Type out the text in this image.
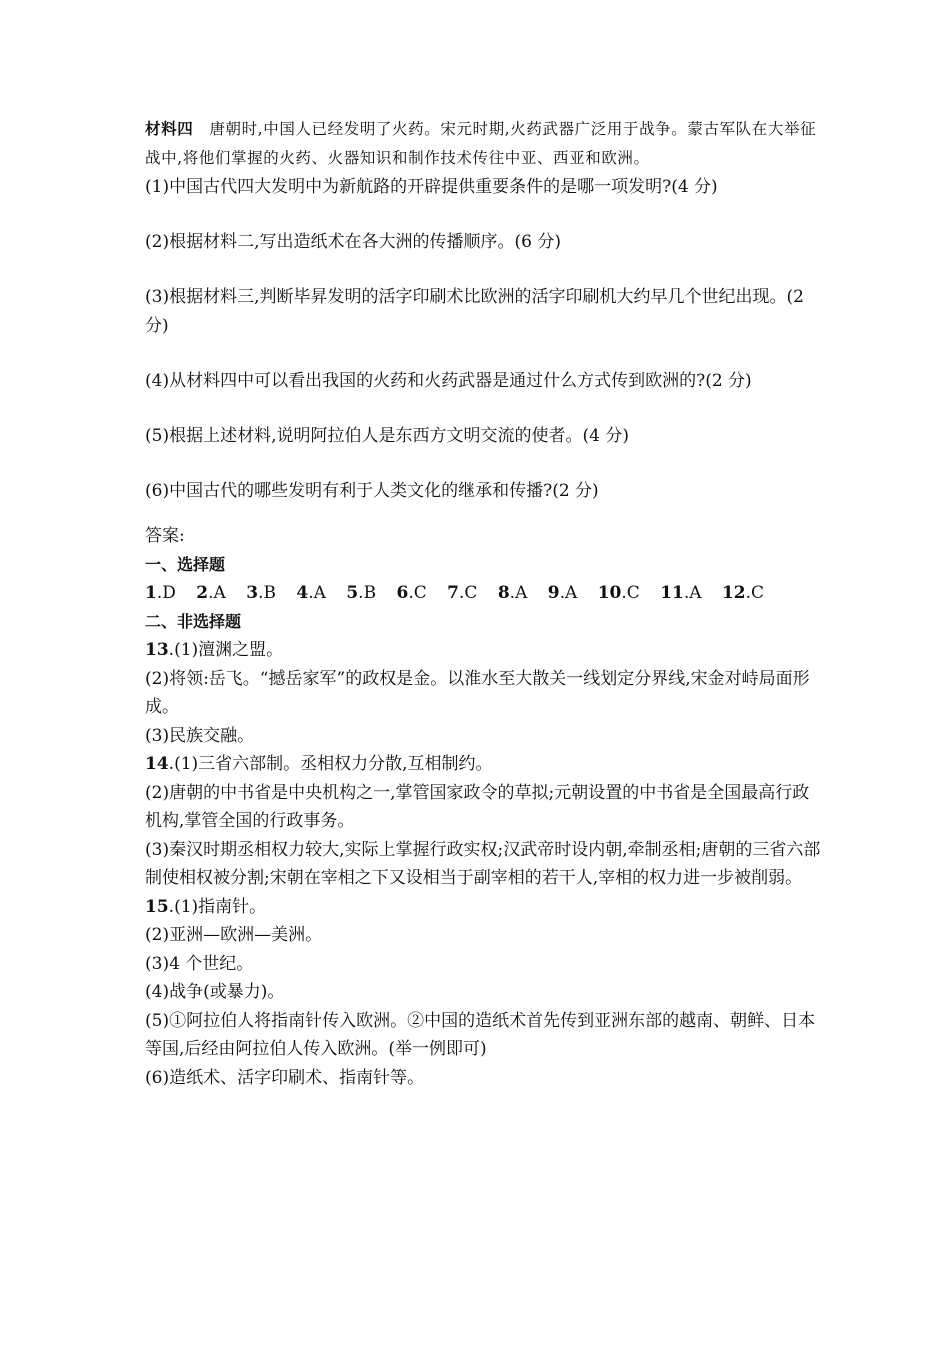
材料四　唐朝时,中国人已经发明了火药。宋元时期,火药武器广泛用于战争。蒙古军队在大举征战中,将他们掌握的火药、火器知识和制作技术传往中亚、西亚和欧洲。

(1)中国古代四大发明中为新航路的开辟提供重要条件的是哪一项发明?(4 分)

(2)根据材料二,写出造纸术在各大洲的传播顺序。(6 分)

(3)根据材料三,判断毕昇发明的活字印刷术比欧洲的活字印刷机大约早几个世纪出现。(2 分)

(4)从材料四中可以看出我国的火药和火药武器是通过什么方式传到欧洲的?(2 分)

(5)根据上述材料,说明阿拉伯人是东西方文明交流的使者。(4 分)

(6)中国古代的哪些发明有利于人类文化的继承和传播?(2 分)

答案:

一、选择题

1.D 2.A 3.B 4.A 5.B 6.C 7.C 8.A 9.A 10.C 11.A 12.C

二、非选择题

13.(1)澶渊之盟。

(2)将领:岳飞。“撼岳家军”的政权是金。以淮水至大散关一线划定分界线,宋金对峙局面形成。

(3)民族交融。

14.(1)三省六部制。丞相权力分散,互相制约。

(2)唐朝的中书省是中央机构之一,掌管国家政令的草拟;元朝设置的中书省是全国最高行政机构,掌管全国的行政事务。

(3)秦汉时期丞相权力较大,实际上掌握行政实权;汉武帝时设内朝,牵制丞相;唐朝的三省六部制使相权被分割;宋朝在宰相之下又设相当于副宰相的若干人,宰相的权力进一步被削弱。

15.(1)指南针。

(2)亚洲—欧洲—美洲。

(3)4 个世纪。

(4)战争(或暴力)。

(5)①阿拉伯人将指南针传入欧洲。②中国的造纸术首先传到亚洲东部的越南、朝鲜、日本等国,后经由阿拉伯人传入欧洲。(举一例即可)

(6)造纸术、活字印刷术、指南针等。
